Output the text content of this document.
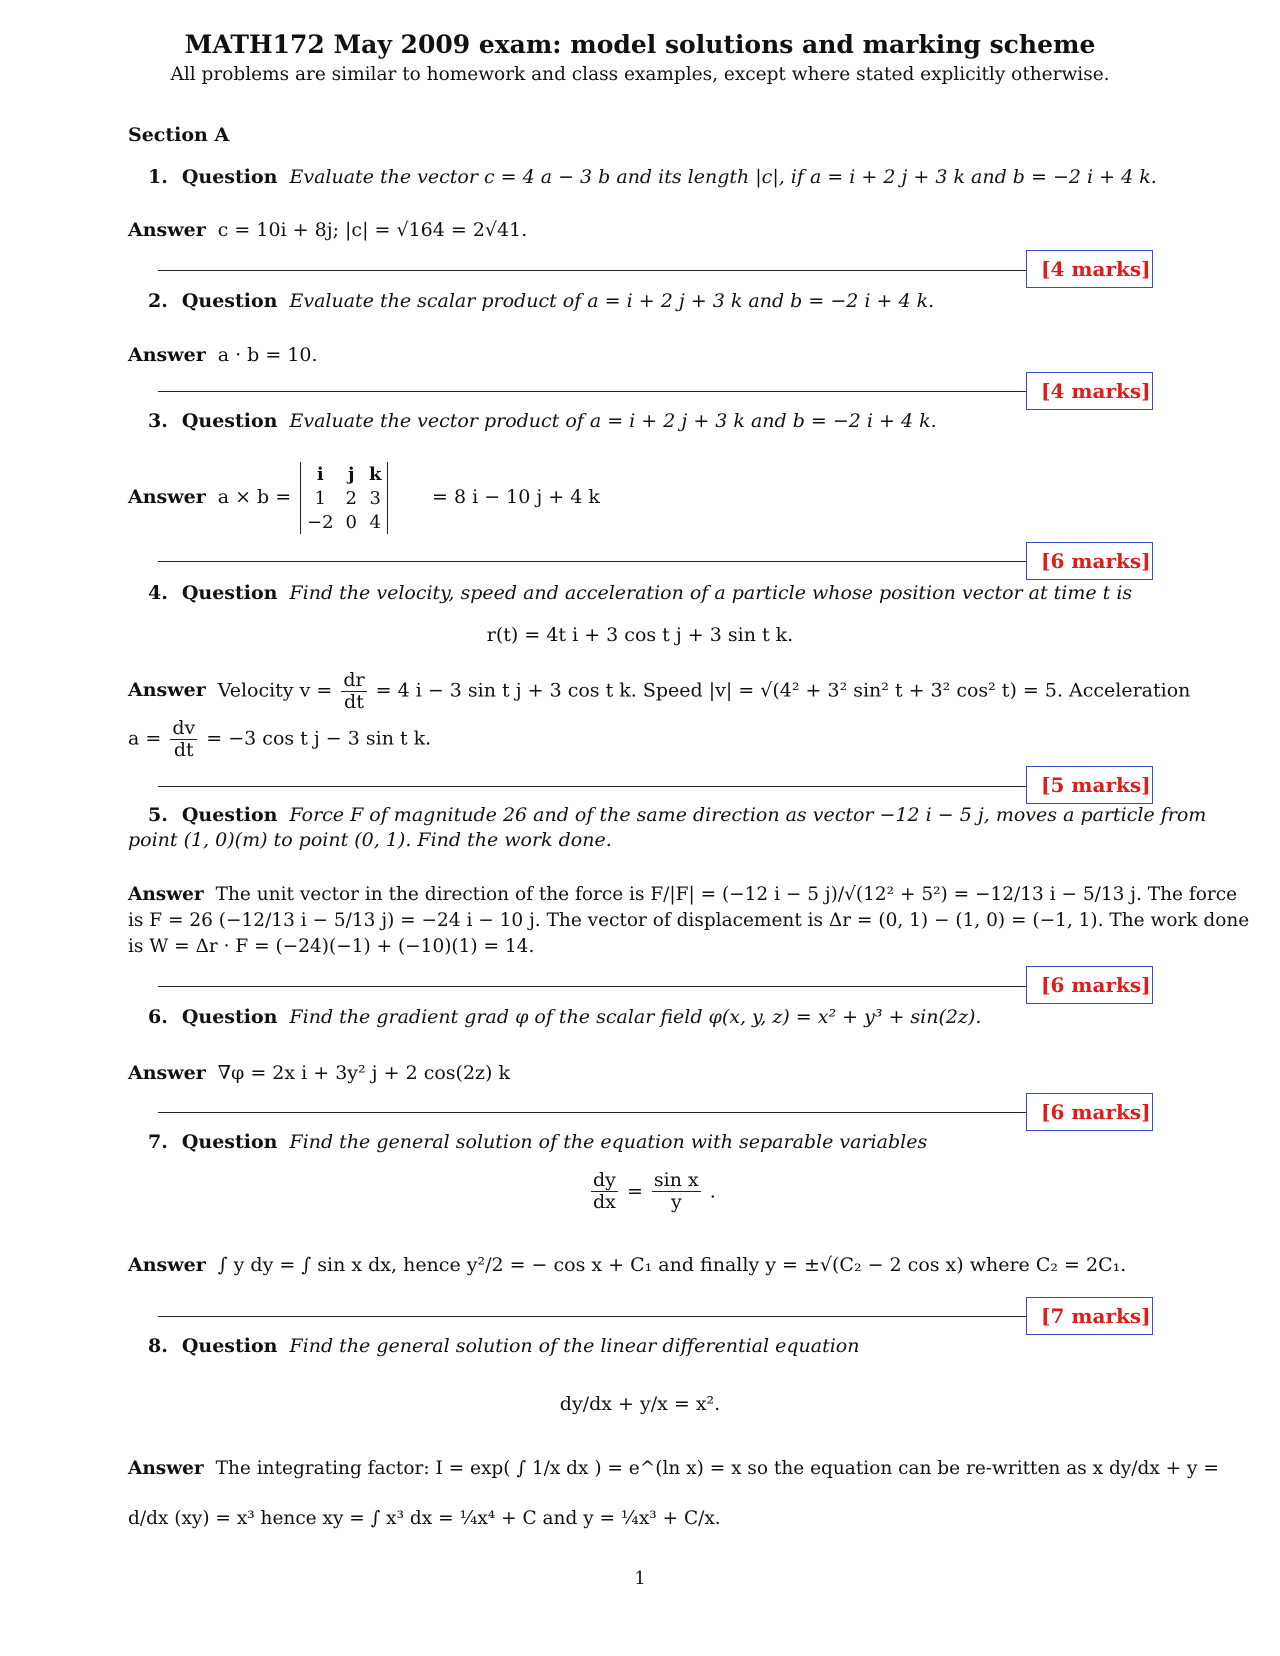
MATH172 May 2009 exam: model solutions and marking scheme
All problems are similar to homework and class examples, except where stated explicitly otherwise.
Section A
1. Question Evaluate the vector c = 4 a − 3 b and its length |c|, if a = i + 2 j + 3 k and b = −2 i + 4 k.
Answer c = 10i + 8j; |c| = √164 = 2√41.
[4 marks]
2. Question Evaluate the scalar product of a = i + 2 j + 3 k and b = −2 i + 4 k.
Answer a · b = 10.
[4 marks]
3. Question Evaluate the vector product of a = i + 2 j + 3 k and b = −2 i + 4 k.
Answer a × b =
i	j	k
1	2	3
−2	0	4
= 8 i − 10 j + 4 k
[6 marks]
4. Question Find the velocity, speed and acceleration of a particle whose position vector at time t is
r(t) = 4t i + 3 cos t j + 3 sin t k.
Answer Velocity $v = \frac{dr}{dt} = 4$ i − 3 sin t j + 3 cos t k. Speed |v| = √(4² + 3² sin² t + 3² cos² t) = 5. Acceleration
$a = \frac{dv}{dt} = -3$ cos t j − 3 sin t k.
[5 marks]
5. Question Force F of magnitude 26 and of the same direction as vector −12 i − 5 j, moves a particle from
point (1, 0)(m) to point (0, 1). Find the work done.
Answer The unit vector in the direction of the force is F/|F| = (−12 i − 5 j)/√(12² + 5²) = −12/13 i − 5/13 j. The force
is F = 26 (−12/13 i − 5/13 j) = −24 i − 10 j. The vector of displacement is Δr = (0, 1) − (1, 0) = (−1, 1). The work done
is W = Δr · F = (−24)(−1) + (−10)(1) = 14.
[6 marks]
6. Question Find the gradient grad φ of the scalar field φ(x, y, z) = x² + y³ + sin(2z).
Answer ∇φ = 2x i + 3y² j + 2 cos(2z) k
[6 marks]
7. Question Find the general solution of the equation with separable variables
$\frac{dy}{dx} = \frac{\text{sin x}}{y}$ .
Answer ∫ y dy = ∫ sin x dx, hence y²/2 = − cos x + C₁ and finally y = ±√(C₂ − 2 cos x) where C₂ = 2C₁.
[7 marks]
8. Question Find the general solution of the linear differential equation
dy/dx + y/x = x².
Answer The integrating factor: I = exp( ∫ 1/x dx ) = e^(ln x) = x so the equation can be re-written as x dy/dx + y =
d/dx (xy) = x³ hence xy = ∫ x³ dx = ¼x⁴ + C and y = ¼x³ + C/x.
1
